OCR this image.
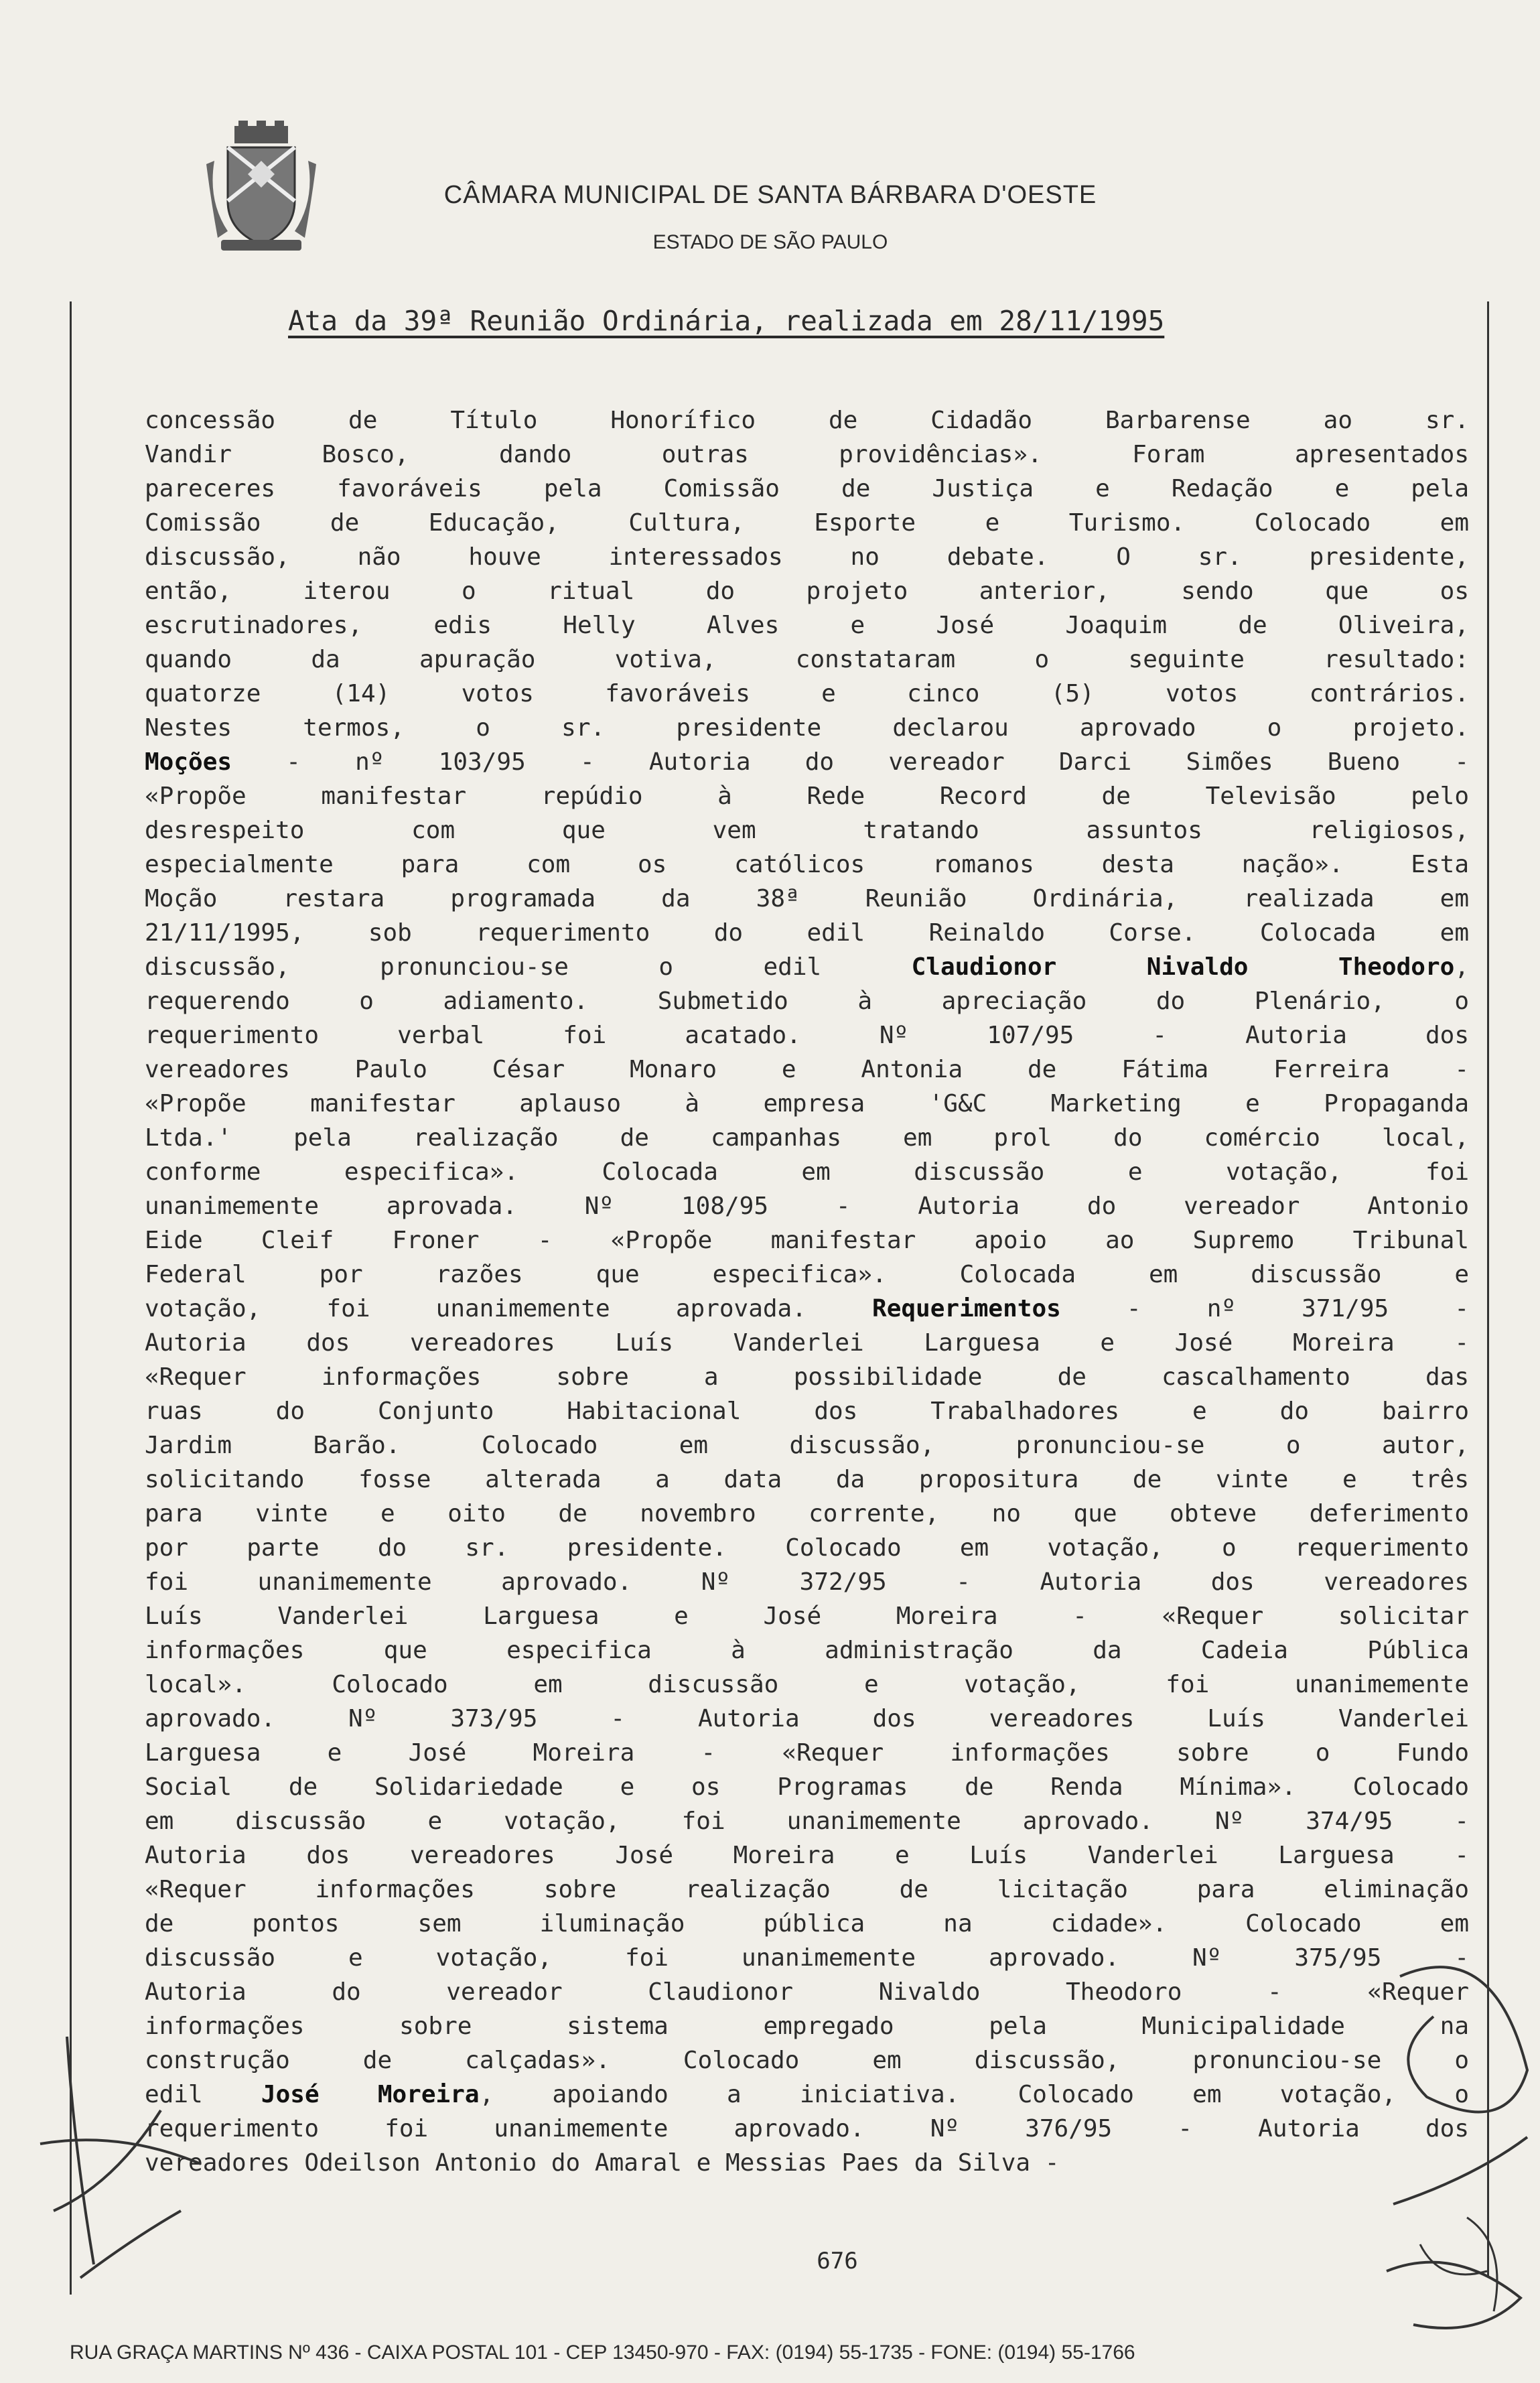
CÂMARA MUNICIPAL DE SANTA BÁRBARA D'OESTE
ESTADO DE SÃO PAULO
Ata da 39ª Reunião Ordinária, realizada em 28/11/1995
concessão de Título Honorífico de Cidadão Barbarense ao sr.
Vandir Bosco, dando outras providências». Foram apresentados
pareceres favoráveis pela Comissão de Justiça e Redação e pela
Comissão de Educação, Cultura, Esporte e Turismo. Colocado em
discussão, não houve interessados no debate. O sr. presidente,
então, iterou o ritual do projeto anterior, sendo que os
escrutinadores, edis Helly Alves e José Joaquim de Oliveira,
quando da apuração votiva, constataram o seguinte resultado:
quatorze (14) votos favoráveis e cinco (5) votos contrários.
Nestes termos, o sr. presidente declarou aprovado o projeto.
Moções - nº 103/95 - Autoria do vereador Darci Simões Bueno -
«Propõe manifestar repúdio à Rede Record de Televisão pelo
desrespeito com que vem tratando assuntos religiosos,
especialmente para com os católicos romanos desta nação». Esta
Moção restara programada da 38ª Reunião Ordinária, realizada em
21/11/1995, sob requerimento do edil Reinaldo Corse. Colocada em
discussão, pronunciou-se o edil Claudionor Nivaldo Theodoro,
requerendo o adiamento. Submetido à apreciação do Plenário, o
requerimento verbal foi acatado. Nº 107/95 - Autoria dos
vereadores Paulo César Monaro e Antonia de Fátima Ferreira -
«Propõe manifestar aplauso à empresa 'G&C Marketing e Propaganda
Ltda.' pela realização de campanhas em prol do comércio local,
conforme especifica». Colocada em discussão e votação, foi
unanimemente aprovada. Nº 108/95 - Autoria do vereador Antonio
Eide Cleif Froner - «Propõe manifestar apoio ao Supremo Tribunal
Federal por razões que especifica». Colocada em discussão e
votação, foi unanimemente aprovada. Requerimentos - nº 371/95 -
Autoria dos vereadores Luís Vanderlei Larguesa e José Moreira -
«Requer informações sobre a possibilidade de cascalhamento das
ruas do Conjunto Habitacional dos Trabalhadores e do bairro
Jardim Barão. Colocado em discussão, pronunciou-se o autor,
solicitando fosse alterada a data da propositura de vinte e três
para vinte e oito de novembro corrente, no que obteve deferimento
por parte do sr. presidente. Colocado em votação, o requerimento
foi unanimemente aprovado. Nº 372/95 - Autoria dos vereadores
Luís Vanderlei Larguesa e José Moreira - «Requer solicitar
informações que especifica à administração da Cadeia Pública
local». Colocado em discussão e votação, foi unanimemente
aprovado. Nº 373/95 - Autoria dos vereadores Luís Vanderlei
Larguesa e José Moreira - «Requer informações sobre o Fundo
Social de Solidariedade e os Programas de Renda Mínima». Colocado
em discussão e votação, foi unanimemente aprovado. Nº 374/95 -
Autoria dos vereadores José Moreira e Luís Vanderlei Larguesa -
«Requer informações sobre realização de licitação para eliminação
de pontos sem iluminação pública na cidade». Colocado em
discussão e votação, foi unanimemente aprovado. Nº 375/95 -
Autoria do vereador Claudionor Nivaldo Theodoro - «Requer
informações sobre sistema empregado pela Municipalidade na
construção de calçadas». Colocado em discussão, pronunciou-se o
edil José Moreira, apoiando a iniciativa. Colocado em votação, o
requerimento foi unanimemente aprovado. Nº 376/95 - Autoria dos
vereadores Odeilson Antonio do Amaral e Messias Paes da Silva -
676
RUA GRAÇA MARTINS Nº 436 - CAIXA POSTAL 101 - CEP 13450-970 - FAX: (0194) 55-1735 - FONE: (0194) 55-1766
